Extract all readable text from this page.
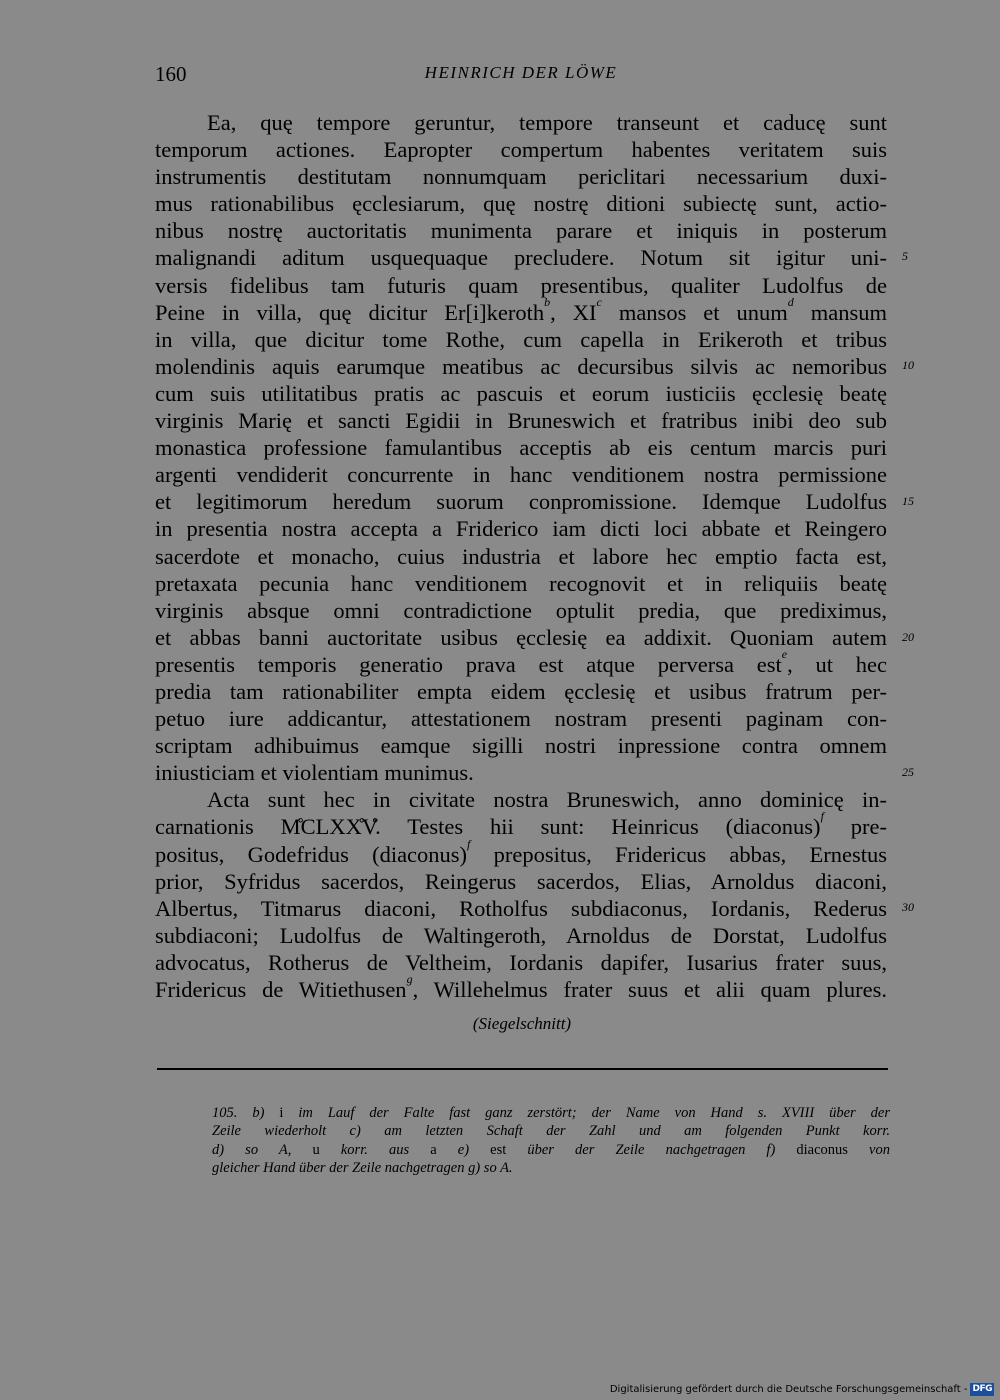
160	HEINRICH DER LÖWE
Ea, quę tempore geruntur, tempore transeunt et caducę sunt
temporum actiones. Eapropter compertum habentes veritatem suis
instrumentis destitutam nonnumquam periclitari necessarium duxi-
mus rationabilibus ęcclesiarum, quę nostrę ditioni subiectę sunt, actio-
nibus nostrę auctoritatis munimenta parare et iniquis in posterum
malignandi aditum usquequaque precludere. Notum sit igitur uni-
versis fidelibus tam futuris quam presentibus, qualiter Ludolfus de
Peine in villa, quę dicitur Er[i]keroth$^b$, $XI^c$ mansos et unum$^d$ mansum
in villa, que dicitur tome Rothe, cum capella in Erikeroth et tribus
molendinis aquis earumque meatibus ac decursibus silvis ac nemoribus
cum suis utilitatibus pratis ac pascuis et eorum iusticiis ęcclesię beatę
virginis Marię et sancti Egidii in Bruneswich et fratribus inibi deo sub
monastica professione famulantibus acceptis ab eis centum marcis puri
argenti vendiderit concurrente in hanc venditionem nostra permissione
et legitimorum heredum suorum conpromissione. Idemque Ludolfus
in presentia nostra accepta a Friderico iam dicti loci abbate et Reingero
sacerdote et monacho, cuius industria et labore hec emptio facta est,
pretaxata pecunia hanc venditionem recognovit et in reliquiis beatę
virginis absque omni contradictione optulit predia, que prediximus,
et abbas banni auctoritate usibus ęcclesię ea addixit. Quoniam autem
presentis temporis generatio prava est atque perversa est$^e$, ut hec
predia tam rationabiliter empta eidem ęcclesię et usibus fratrum per-
petuo iure addicantur, attestationem nostram presenti paginam con-
scriptam adhibuimus eamque sigilli nostri inpressione contra omnem
iniusticiam et violentiam munimus.
Acta sunt hec in civitate nostra Bruneswich, anno dominicę in-
carnationis M̊CLXX̊V̊. Testes hii sunt: Heinricus (diaconus)$^f$ pre-
positus, Godefridus (diaconus)$^f$ prepositus, Fridericus abbas, Ernestus
prior, Syfridus sacerdos, Reingerus sacerdos, Elias, Arnoldus diaconi,
Albertus, Titmarus diaconi, Rotholfus subdiaconus, Iordanis, Rederus
subdiaconi; Ludolfus de Waltingeroth, Arnoldus de Dorstat, Ludolfus
advocatus, Rotherus de Veltheim, Iordanis dapifer, Iusarius frater suus,
Fridericus de Witiethusen$^g$, Willehelmus frater suus et alii quam plures.
5
10
15
20
25
30
(Siegelschnitt)
105. b) i im Lauf der Falte fast ganz zerstört; der Name von Hand s. XVIII über der
Zeile wiederholt c) am letzten Schaft der Zahl und am folgenden Punkt korr.
d) so A, u korr. aus a e) est über der Zeile nachgetragen f) diaconus von
gleicher Hand über der Zeile nachgetragen g) so A.
Digitalisierung gefördert durch die Deutsche Forschungsgemeinschaft - DFG
